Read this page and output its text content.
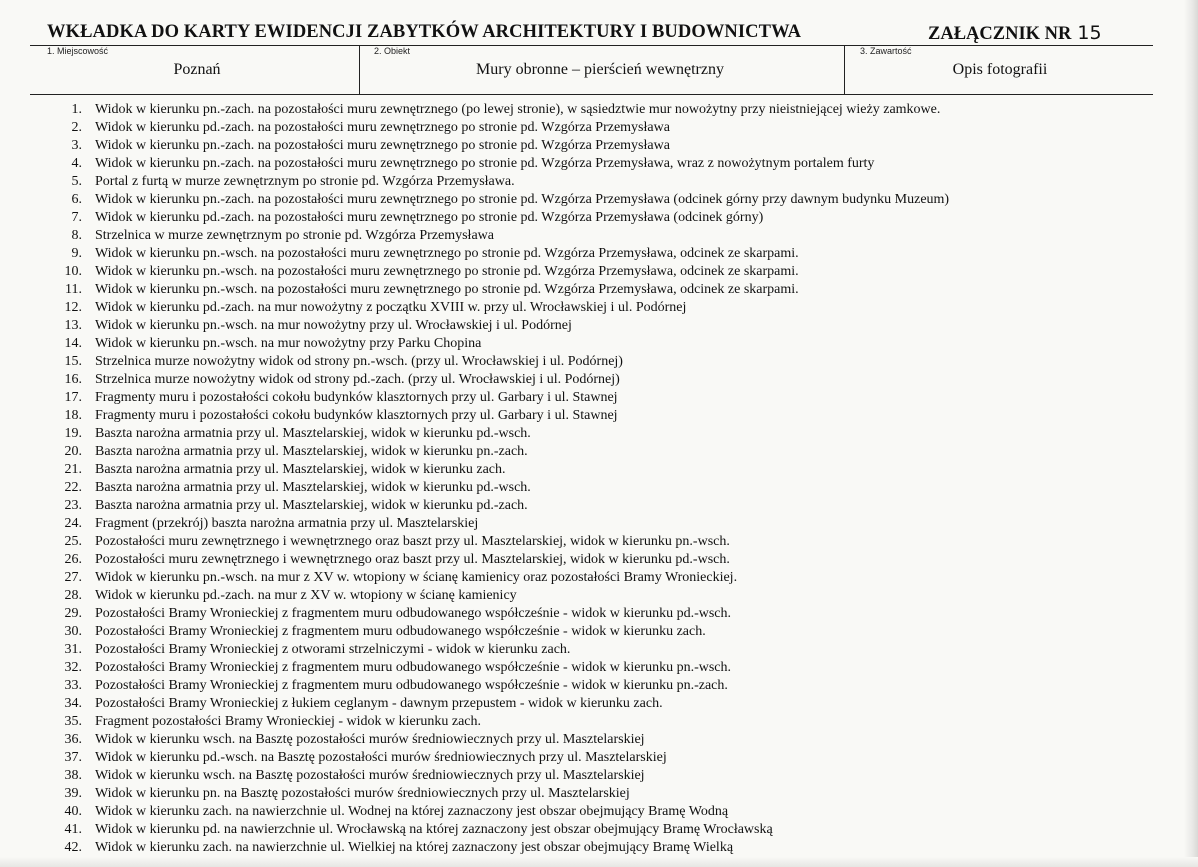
WKŁADKA DO KARTY EWIDENCJI ZABYTKÓW ARCHITEKTURY I BUDOWNICTWA	ZAŁĄCZNIK NR 15
1. Miejscowość
Poznań
2. Obiekt
Mury obronne – pierścień wewnętrzny
3. Zawartość
Opis fotografii
1. Widok w kierunku pn.-zach. na pozostałości muru zewnętrznego (po lewej stronie), w sąsiedztwie mur nowożytny przy nieistniejącej wieży zamkowe.
2. Widok w kierunku pd.-zach. na pozostałości muru zewnętrznego po stronie pd. Wzgórza Przemysława
3. Widok w kierunku pn.-zach. na pozostałości muru zewnętrznego po stronie pd. Wzgórza Przemysława
4. Widok w kierunku pn.-zach. na pozostałości muru zewnętrznego po stronie pd. Wzgórza Przemysława, wraz z nowożytnym portalem furty
5. Portal z furtą w murze zewnętrznym po stronie pd. Wzgórza Przemysława.
6. Widok w kierunku pn.-zach. na pozostałości muru zewnętrznego po stronie pd. Wzgórza Przemysława (odcinek górny przy dawnym budynku Muzeum)
7. Widok w kierunku pd.-zach. na pozostałości muru zewnętrznego po stronie pd. Wzgórza Przemysława (odcinek górny)
8. Strzelnica w murze zewnętrznym po stronie pd. Wzgórza Przemysława
9. Widok w kierunku pn.-wsch. na pozostałości muru zewnętrznego po stronie pd. Wzgórza Przemysława, odcinek ze skarpami.
10. Widok w kierunku pn.-wsch. na pozostałości muru zewnętrznego po stronie pd. Wzgórza Przemysława, odcinek ze skarpami.
11. Widok w kierunku pn.-wsch. na pozostałości muru zewnętrznego po stronie pd. Wzgórza Przemysława, odcinek ze skarpami.
12. Widok w kierunku pd.-zach. na mur nowożytny z początku XVIII w. przy ul. Wrocławskiej i ul. Podórnej
13. Widok w kierunku pn.-wsch. na mur nowożytny przy ul. Wrocławskiej i ul. Podórnej
14. Widok w kierunku pn.-wsch. na mur nowożytny przy Parku Chopina
15. Strzelnica murze nowożytny widok od strony pn.-wsch. (przy ul. Wrocławskiej i ul. Podórnej)
16. Strzelnica murze nowożytny widok od strony pd.-zach. (przy ul. Wrocławskiej i ul. Podórnej)
17. Fragmenty muru i pozostałości cokołu budynków klasztornych przy ul. Garbary i ul. Stawnej
18. Fragmenty muru i pozostałości cokołu budynków klasztornych przy ul. Garbary i ul. Stawnej
19. Baszta narożna armatnia przy ul. Masztelarskiej, widok w kierunku pd.-wsch.
20. Baszta narożna armatnia przy ul. Masztelarskiej, widok w kierunku pn.-zach.
21. Baszta narożna armatnia przy ul. Masztelarskiej, widok w kierunku zach.
22. Baszta narożna armatnia przy ul. Masztelarskiej, widok w kierunku pd.-wsch.
23. Baszta narożna armatnia przy ul. Masztelarskiej, widok w kierunku pd.-zach.
24. Fragment (przekrój) baszta narożna armatnia przy ul. Masztelarskiej
25. Pozostałości muru zewnętrznego i wewnętrznego oraz baszt przy ul. Masztelarskiej, widok w kierunku pn.-wsch.
26. Pozostałości muru zewnętrznego i wewnętrznego oraz baszt przy ul. Masztelarskiej, widok w kierunku pd.-wsch.
27. Widok w kierunku pn.-wsch. na mur z XV w. wtopiony w ścianę kamienicy oraz pozostałości Bramy Wronieckiej.
28. Widok w kierunku pd.-zach. na mur z XV w. wtopiony w ścianę kamienicy
29. Pozostałości Bramy Wronieckiej z fragmentem muru odbudowanego współcześnie - widok w kierunku pd.-wsch.
30. Pozostałości Bramy Wronieckiej z fragmentem muru odbudowanego współcześnie - widok w kierunku zach.
31. Pozostałości Bramy Wronieckiej z otworami strzelniczymi - widok w kierunku zach.
32. Pozostałości Bramy Wronieckiej z fragmentem muru odbudowanego współcześnie - widok w kierunku pn.-wsch.
33. Pozostałości Bramy Wronieckiej z fragmentem muru odbudowanego współcześnie - widok w kierunku pn.-zach.
34. Pozostałości Bramy Wronieckiej z łukiem ceglanym - dawnym przepustem - widok w kierunku zach.
35. Fragment pozostałości Bramy Wronieckiej - widok w kierunku zach.
36. Widok w kierunku wsch. na Basztę pozostałości murów średniowiecznych przy ul. Masztelarskiej
37. Widok w kierunku pd.-wsch. na Basztę pozostałości murów średniowiecznych przy ul. Masztelarskiej
38. Widok w kierunku wsch. na Basztę pozostałości murów średniowiecznych przy ul. Masztelarskiej
39. Widok w kierunku pn. na Basztę pozostałości murów średniowiecznych przy ul. Masztelarskiej
40. Widok w kierunku zach. na nawierzchnie ul. Wodnej na której zaznaczony jest obszar obejmujący Bramę Wodną
41. Widok w kierunku pd. na nawierzchnie ul. Wrocławską na której zaznaczony jest obszar obejmujący Bramę Wrocławską
42. Widok w kierunku zach. na nawierzchnie ul. Wielkiej na której zaznaczony jest obszar obejmujący Bramę Wielką
